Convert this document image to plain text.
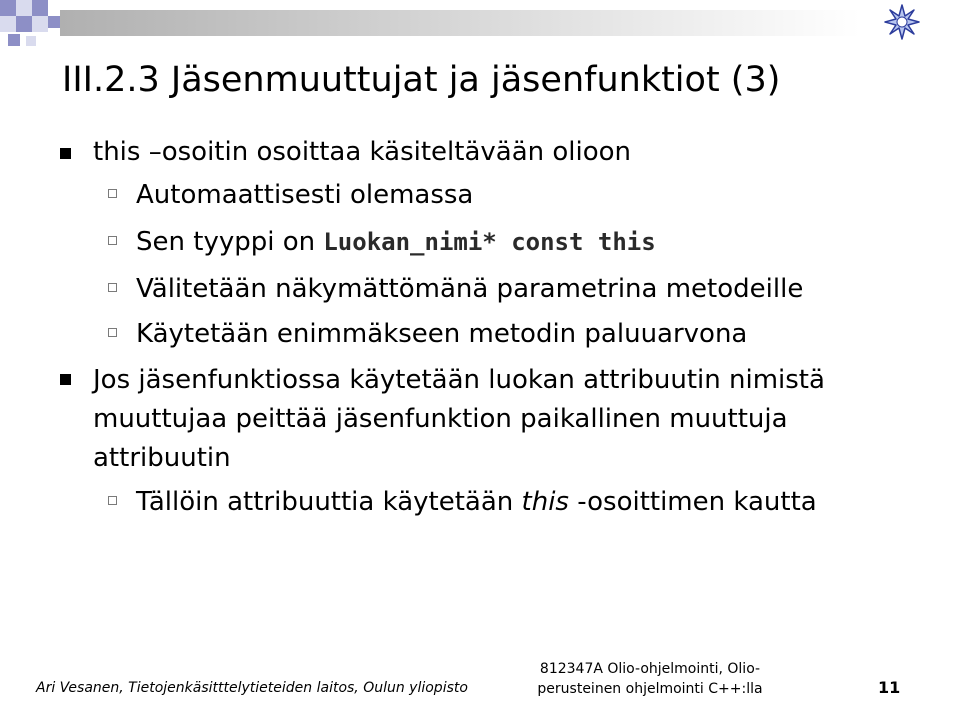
III.2.3 Jäsenmuuttujat ja jäsenfunktiot (3)
this –osoitin osoittaa käsiteltävään olioon
Automaattisesti olemassa
Sen tyyppi on Luokan_nimi* const this
Välitetään näkymättömänä parametrina metodeille
Käytetään enimmäkseen metodin paluuarvona
Jos jäsenfunktiossa käytetään luokan attribuutin nimistä
muuttujaa peittää jäsenfunktion paikallinen muuttuja
attribuutin
Tällöin attribuuttia käytetään this -osoittimen kautta
Ari Vesanen, Tietojenkäsitttelytieteiden laitos, Oulun yliopisto
812347A Olio-ohjelmointi, Olio-
perusteinen ohjelmointi C++:lla	11
